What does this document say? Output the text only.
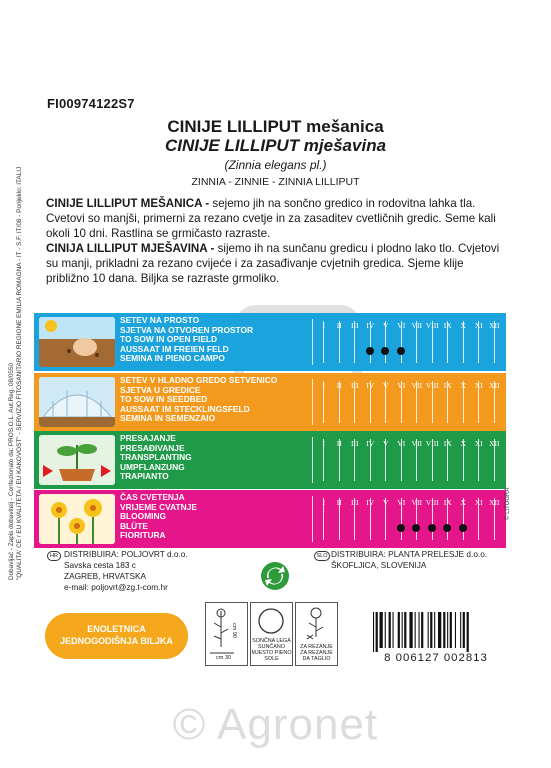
Dobavljač - Zapis dobavitelj - Confezionato da: PROS.O.L. Aut.Reg. 08/0550 "QUALITA' CE / EU KVALITETA / EU KAKOVOST" - SERVIZIO FITOSANITARIO REGIONE EMILIA ROMAGNA - IT - S.F. IT/08 - Porijeklo: ITALIJ
FI00974122S7
CINIJE LILLIPUT mešanica
CINIJE LILLIPUT mješavina
(Zinnia elegans pl.)
ZINNIA - ZINNIE - ZINNIA LILLIPUT
CINIJE LILLIPUT MEŠANICA - sejemo jih na sončno gredico in rodovitna lahka tla. Cvetovi so manjši, primerni za rezano cvetje in za zasaditev cvetličnih gredic. Seme kali okoli 10 dni. Rastlina se grmičasto razraste.
CINIJA LILLIPUT MJEŠAVINA - sijemo ih na sunčanu gredicu i plodno lako tlo. Cvjetovi su manji, prikladni za rezano cvijeće i za zasađivanje cvjetnih gredica. Sjeme klije približno 10 dana. Biljka se razraste grmoliko.
SETEV NA PROSTO
SJETVA NA OTVOREN PROSTOR
TO SOW IN OPEN FIELD
AUSSAAT IM FREIEN FELD
SEMINA IN PIENO CAMPO
I	II	III	IV	V	VI VII VIII IX	X	XI XII
SETEV V HLADNO GREDO SETVENICO
SJETVA U GREDICE
TO SOW IN SEEDBED
AUSSAAT IM STECKLINGSFELD
SEMINA IN SEMENZAIO
I	II	III	IV	V	VI VII VIII IX	X	XI XII
PRESAJANJE
PRESAĐIVANJE
TRANSPLANTING
UMPFLANZUNG
TRAPIANTO
I	II	III	IV	V	VI VII VIII IX	X	XI XII
ČAS CVETENJA
VRIJEME CVATNJE
BLOOMING
BLÜTE
FIORITURA
I	II	III	IV	V	VI VII VIII IX	X	XI XII © LITOGRA
HR DISTRIBUIRA: POLJOVRT d.o.o.
Savska cesta 183 c
ZAGREB, HRVATSKA
e-mail: poljovrt@zg.t-com.hr
SLO DISTRIBUIRA: PLANTA PRELESJE d.o.o.
ŠKOFLJICA, SLOVENIJA
ENOLETNICA
JEDNOGODIŠNJA BILJKA
cm 90
cm 30
SONČNA LEGA SUNČANO MJESTO PIENO SOLE
ZA REZANJE ZA REZANJE DA TAGLIO	8 006127 002813
© Agronet
